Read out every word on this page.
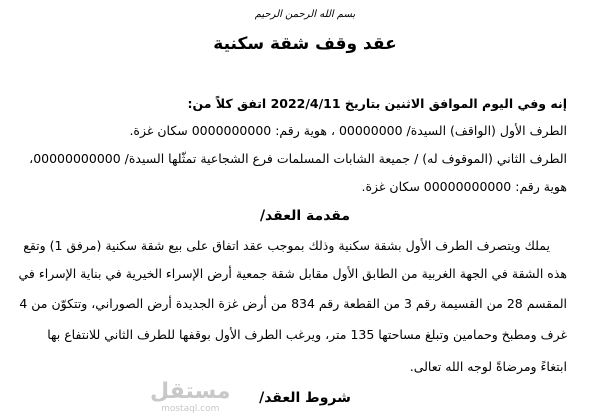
بسم الله الرحمن الرحيم
عقد وقف شقة سكنية
إنه وفي اليوم الموافق الاثنين بتاريخ 2022/4/11 اتفق كلاً من:
الطرف الأول (الواقف) السيدة/ 00000000 ، هوية رقم: 0000000000 سكان غزة.
الطرف الثاني (الموقوف له) / جميعة الشابات المسلمات فرع الشجاعية تمثّلها السيدة/ 00000000000،
هوية رقم: 00000000000 سكان غزة.
مقدمة العقد/
يملك ويتصرف الطرف الأول بشقة سكنية وذلك بموجب عقد اتفاق على بيع شقة سكنية (مرفق 1) وتقع
هذه الشقة في الجهة الغربية من الطابق الأول مقابل شقة جمعية أرض الإسراء الخيرية في بناية الإسراء في
المقسم 28 من القسيمة رقم 3 من القطعة رقم 834 من أرض غزة الجديدة أرض الصوراني، وتتكوّن من 4
غرف ومطبخ وحمامين وتبلغ مساحتها 135 متر، ويرغب الطرف الأول بوقفها للطرف الثاني للانتفاع بها
ابتغاءً ومرضاةً لوجه الله تعالى.
مستقل
mostaql.com
شروط العقد/
